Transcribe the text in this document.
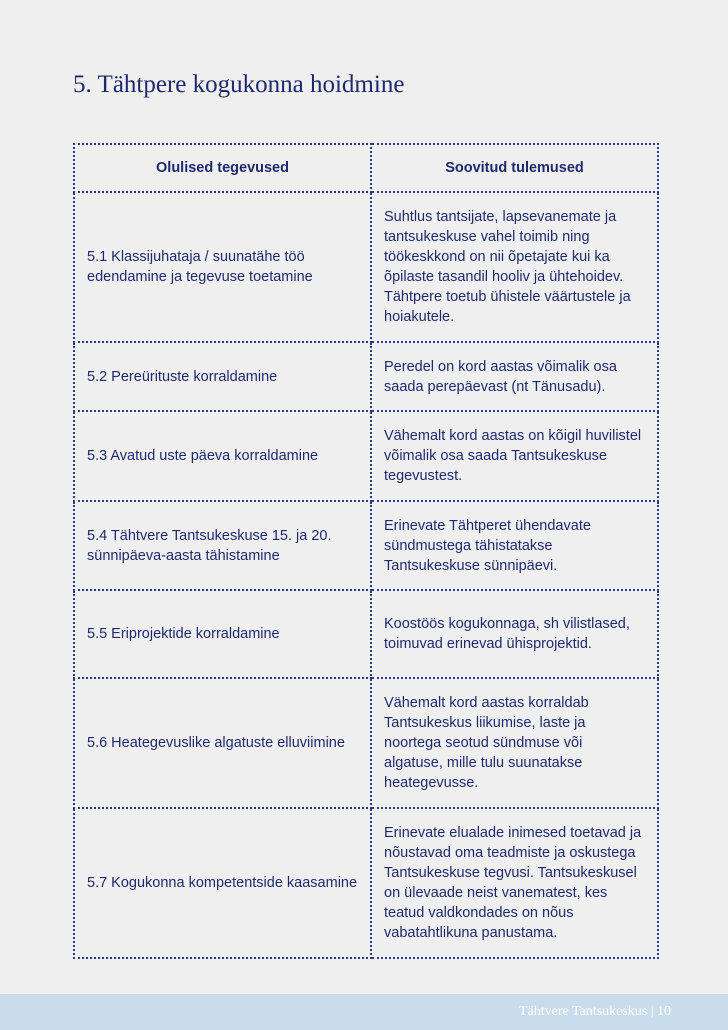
5. Tähtpere kogukonna hoidmine
Olulised tegevused	Soovitud tulemused
5.1 Klassijuhataja / suunatähe töö edendamine ja tegevuse toetamine	Suhtlus tantsijate, lapsevanemate ja tantsukeskuse vahel toimib ning töökeskkond on nii õpetajate kui ka õpilaste tasandil hooliv ja ühtehoidev. Tähtpere toetub ühistele väärtustele ja hoiakutele.
5.2 Pereürituste korraldamine	Peredel on kord aastas võimalik osa saada perepäevast (nt Tänusadu).
5.3 Avatud uste päeva korraldamine	Vähemalt kord aastas on kõigil huvilistel võimalik osa saada Tantsukeskuse tegevustest.
5.4 Tähtvere Tantsukeskuse 15. ja 20. sünnipäeva-aasta tähistamine	Erinevate Tähtperet ühendavate sündmustega tähistatakse Tantsukeskuse sünnipäevi.
5.5 Eriprojektide korraldamine	Koostöös kogukonnaga, sh vilistlased, toimuvad erinevad ühisprojektid.
5.6 Heategevuslike algatuste elluviimine	Vähemalt kord aastas korraldab Tantsukeskus liikumise, laste ja noortega seotud sündmuse või algatuse, mille tulu suunatakse heategevusse.
5.7 Kogukonna kompetentside kaasamine	Erinevate elualade inimesed toetavad ja nõustavad oma teadmiste ja oskustega Tantsukeskuse tegvusi. Tantsukeskusel on ülevaade neist vanematest, kes teatud valdkondades on nõus vabatahtlikuna panustama.
Tähtvere Tantsukeskus | 10
